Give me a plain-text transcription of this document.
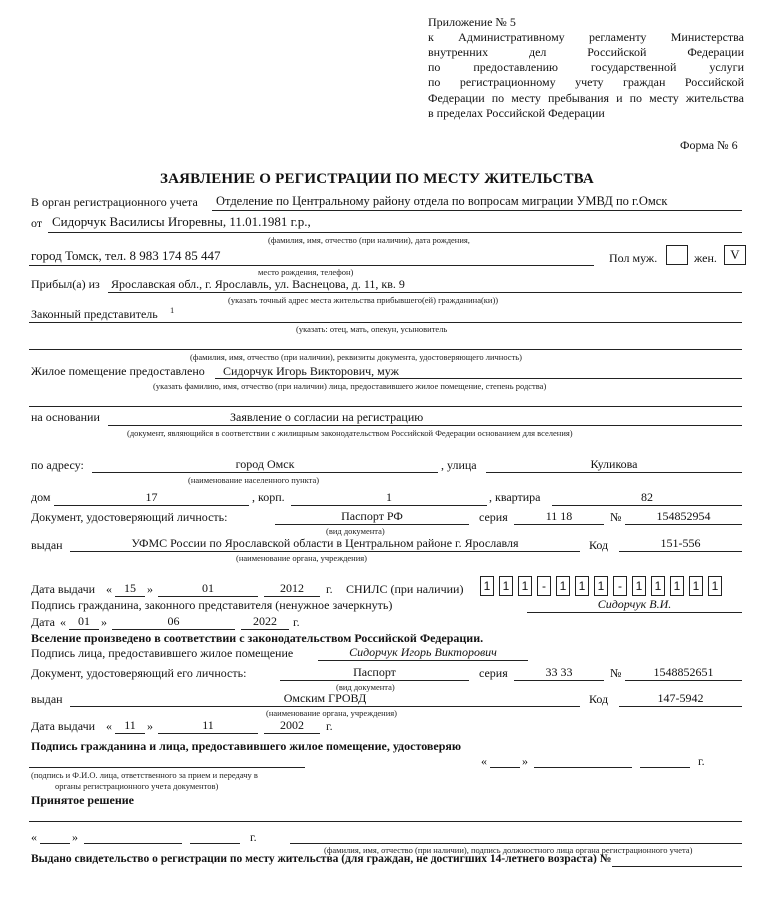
Приложение № 5
к Административному регламенту Министерства
внутренних дел Российской Федерации
по предоставлению государственной услуги
по регистрационному учету граждан Российской
Федерации по месту пребывания и по месту жительства
в пределах Российской Федерации
Форма № 6
ЗАЯВЛЕНИЕ О РЕГИСТРАЦИИ ПО МЕСТУ ЖИТЕЛЬСТВА
В орган регистрационного учета Отделение по Центральному району отдела по вопросам миграции УМВД по г.Омск
от Сидорчук Василисы Игоревны, 11.01.1981 г.р.,
(фамилия, имя, отчество (при наличии), дата рождения,
город Томск, тел. 8 983 174 85 447
место рождения, телефон)
Пол муж.	жен.	V
Прибыл(а) из Ярославская обл., г. Ярославль, ул. Васнецова, д. 11, кв. 9
(указать точный адрес места жительства прибывшего(ей) гражданина(ки))
Законный представитель 1
(указать: отец, мать, опекун, усыновитель
(фамилия, имя, отчество (при наличии), реквизиты документа, удостоверяющего личность)
Жилое помещение предоставлено Сидорчук Игорь Викторович, муж
(указать фамилию, имя, отчество (при наличии) лица, предоставившего жилое помещение, степень родства)
на основании	Заявление о согласии на регистрацию
(документ, являющийся в соответствии с жилищным законодательством Российской Федерации основанием для вселения)
по адресу:	город Омск
(наименование населенного пункта)
, улица	Куликова
дом	17	, корп.	1	, квартира	82
Документ, удостоверяющий личность:	Паспорт РФ
(вид документа)
серия	11 18	№	154852954
выдан	УФМС России по Ярославской области в Центральном районе г. Ярославля
(наименование органа, учреждения)
Код	151-556
Дата выдачи «	15 »	01	2012	г. СНИЛС (при наличии)	1	1	1	-	1	1	1	-	1	1	1	1	1
Подпись гражданина, законного представителя (ненужное зачеркнуть)	Сидорчук В.И.
Дата «	01 »	06	2022	г.
Вселение произведено в соответствии с законодательством Российской Федерации.
Подпись лица, предоставившего жилое помещение	Сидорчук Игорь Викторович
Документ, удостоверяющий его личность:	Паспорт
(вид документа)
серия	33 33	№	1548852651
выдан	Омским ГРОВД
(наименование органа, учреждения)
Код	147-5942
Дата выдачи «	11 »	11	2002	г.
Подпись гражданина и лица, предоставившего жилое помещение, удостоверяю
(подпись и Ф.И.О. лица, ответственного за прием и передачу в
органы регистрационного учета документов)
«	»	г.
Принятое решение
«	»	г.
(фамилия, имя, отчество (при наличии), подпись должностного лица органа регистрационного учета)
Выдано свидетельство о регистрации по месту жительства (для граждан, не достигших 14-летнего возраста) №
